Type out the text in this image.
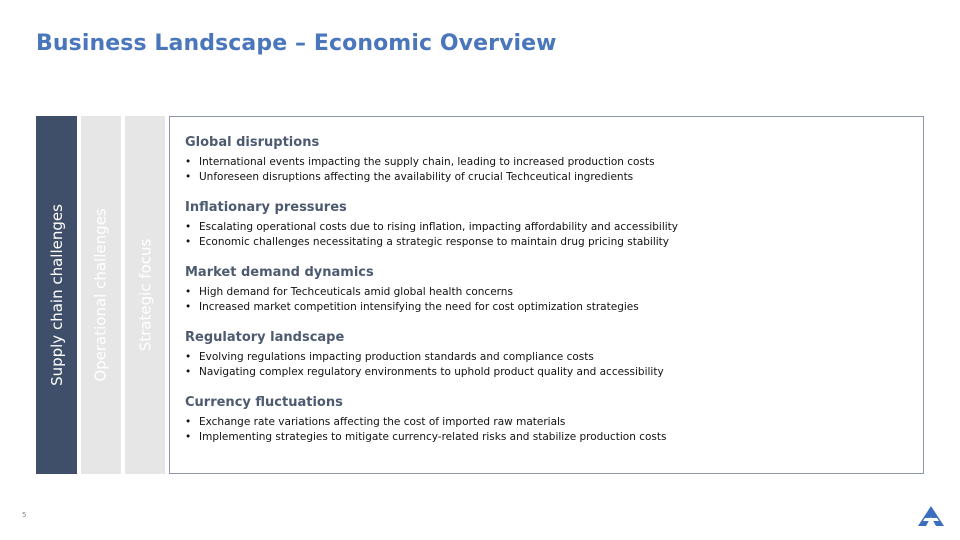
Business Landscape – Economic Overview
Supply chain challenges Operational challenges Strategic focus
Global disruptions
• International events impacting the supply chain, leading to increased production costs
• Unforeseen disruptions affecting the availability of crucial Techceutical ingredients
Inflationary pressures
• Escalating operational costs due to rising inflation, impacting affordability and accessibility
• Economic challenges necessitating a strategic response to maintain drug pricing stability
Market demand dynamics
• High demand for Techceuticals amid global health concerns
• Increased market competition intensifying the need for cost optimization strategies
Regulatory landscape
• Evolving regulations impacting production standards and compliance costs
• Navigating complex regulatory environments to uphold product quality and accessibility
Currency fluctuations
• Exchange rate variations affecting the cost of imported raw materials
• Implementing strategies to mitigate currency-related risks and stabilize production costs
5
